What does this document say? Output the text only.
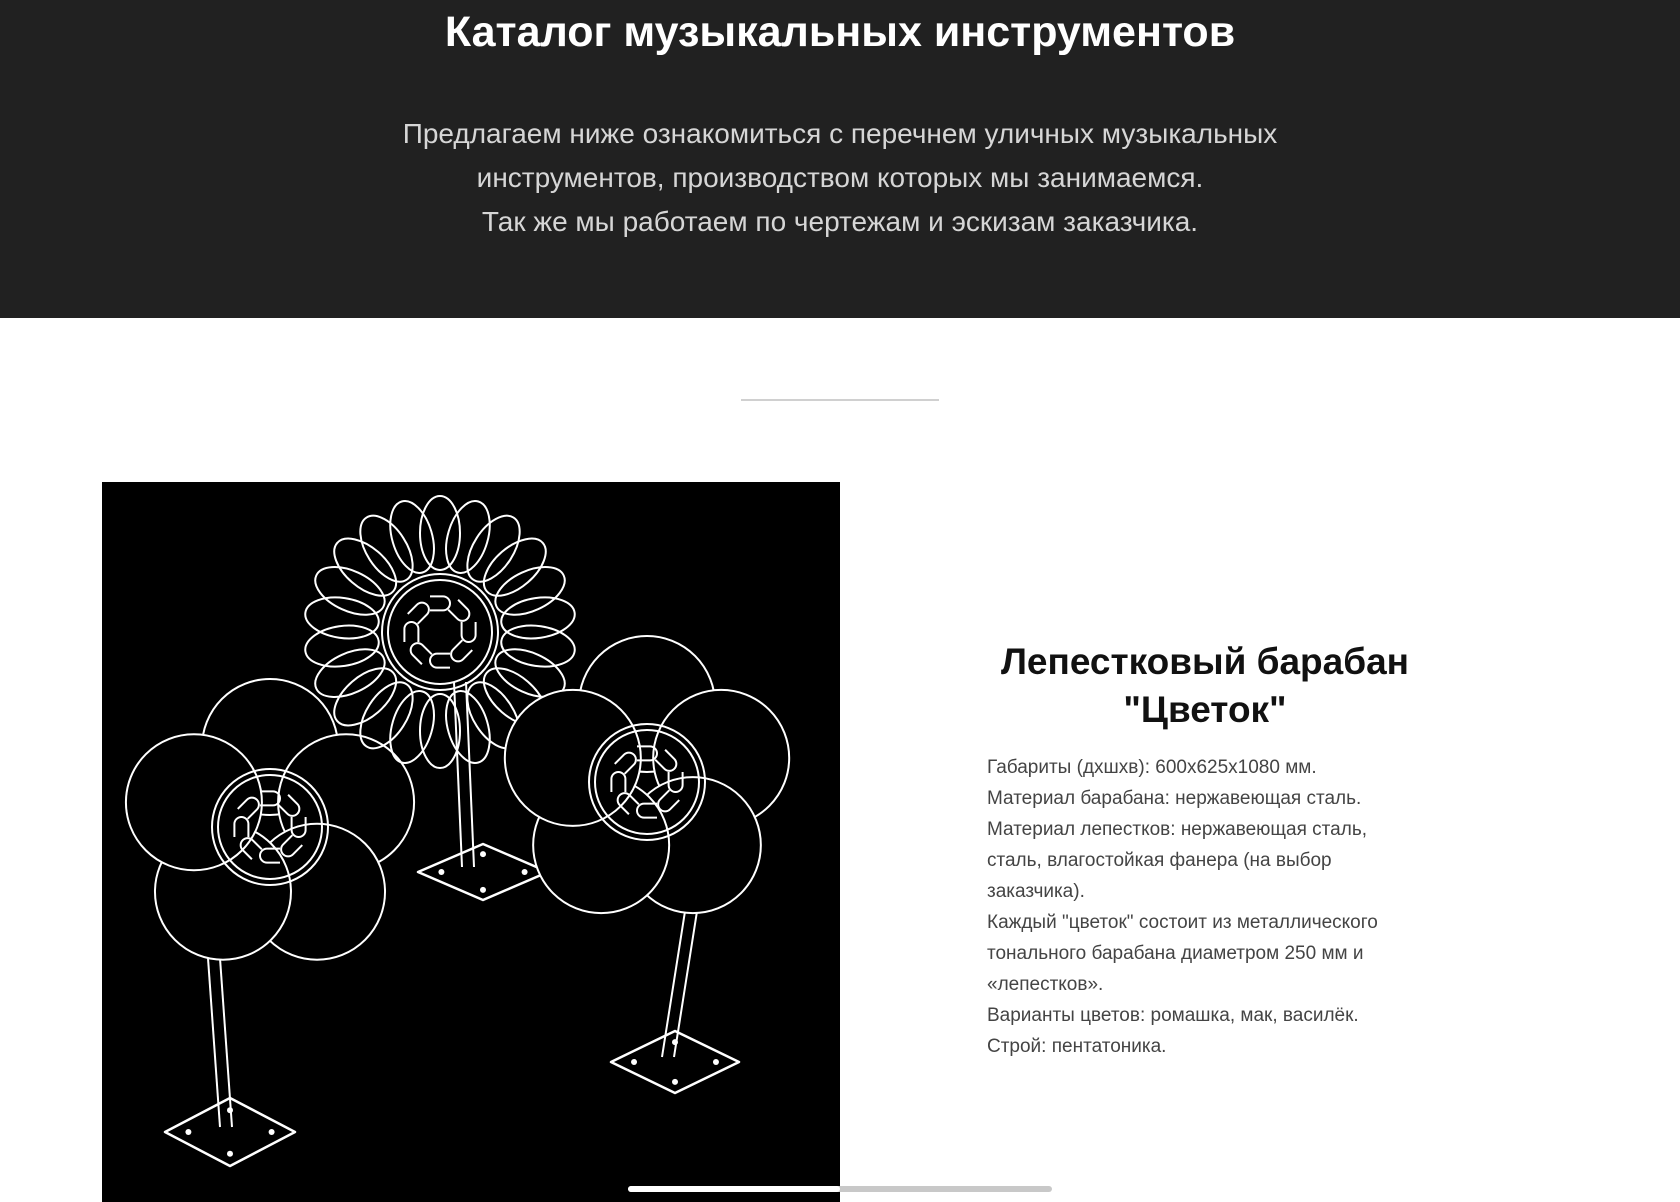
Каталог музыкальных инструментов
Предлагаем ниже ознакомиться с перечнем уличных музыкальных
инструментов, производством которых мы занимаемся.
Так же мы работаем по чертежам и эскизам заказчика.
Лепестковый барабан
"Цветок"
Габариты (дхшхв): 600х625х1080 мм.
Материал барабана: нержавеющая сталь.
Материал лепестков: нержавеющая сталь,
сталь, влагостойкая фанера (на выбор
заказчика).
Каждый "цветок" состоит из металлического
тонального барабана диаметром 250 мм и
«лепестков».
Варианты цветов: ромашка, мак, василёк.
Строй: пентатоника.
